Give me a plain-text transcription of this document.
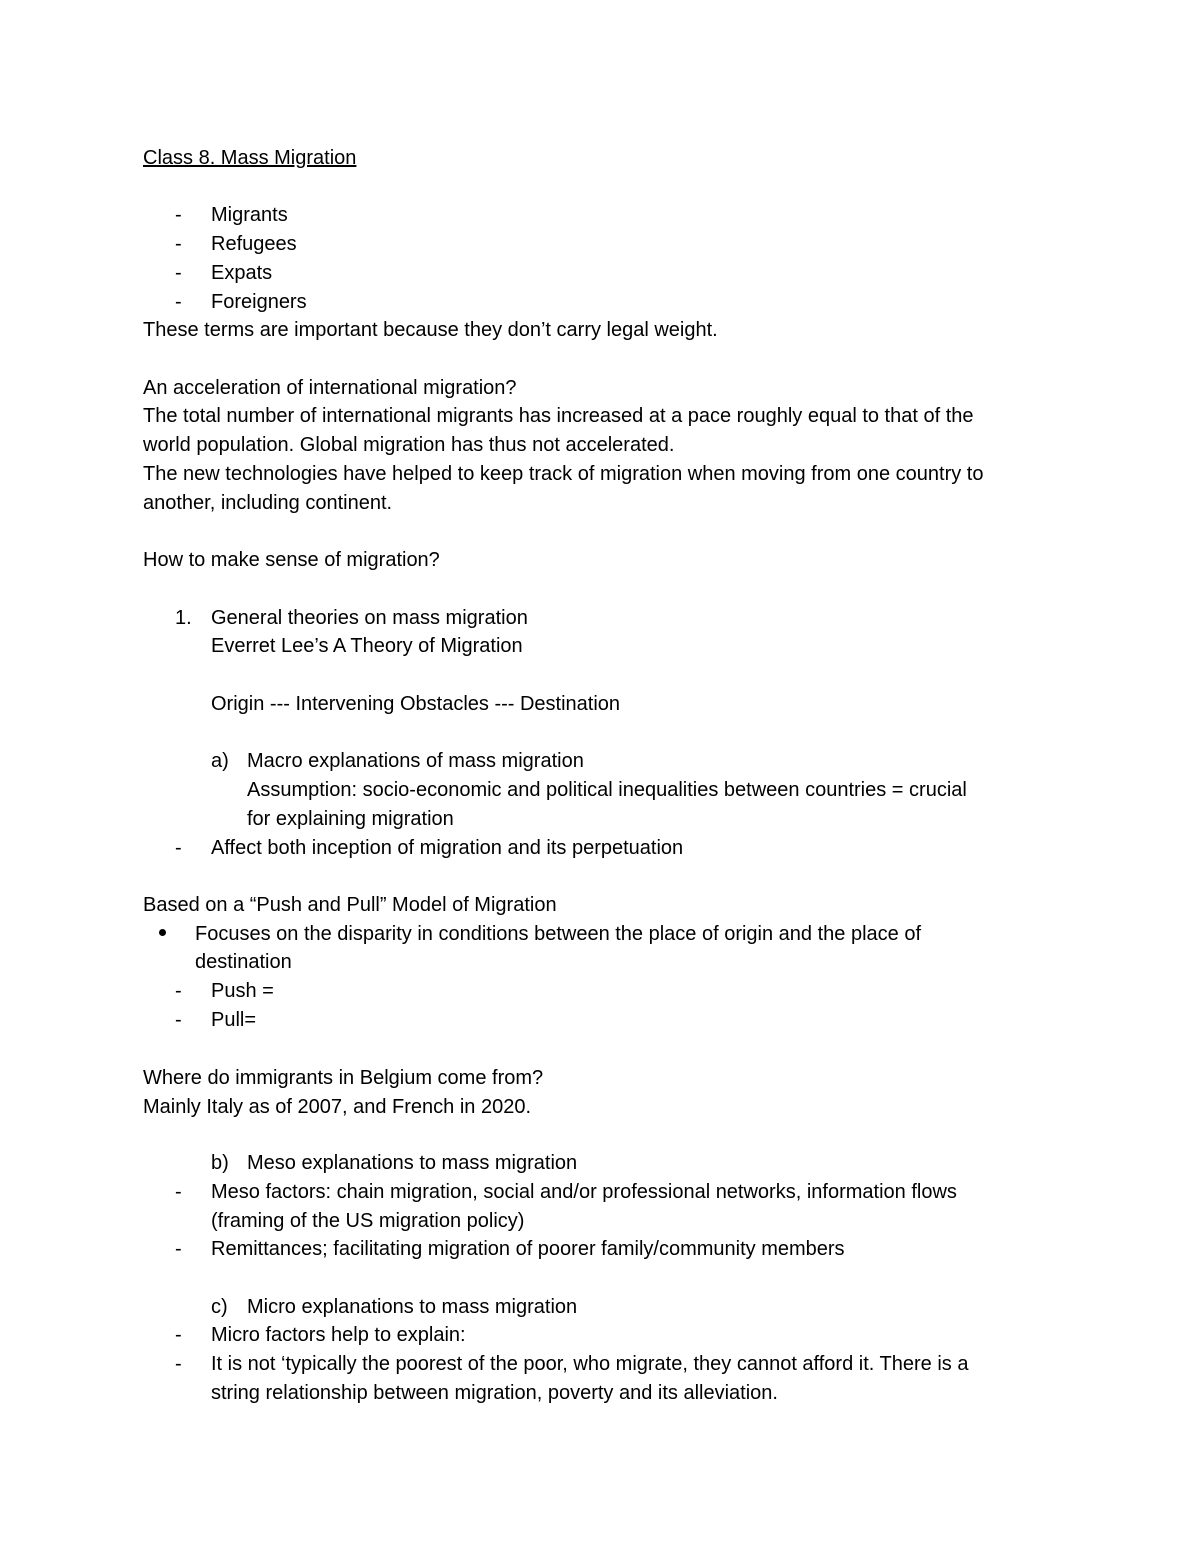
Class 8. Mass Migration
- Migrants
- Refugees
- Expats
- Foreigners
These terms are important because they don’t carry legal weight.
An acceleration of international migration?
The total number of international migrants has increased at a pace roughly equal to that of the
world population. Global migration has thus not accelerated.
The new technologies have helped to keep track of migration when moving from one country to
another, including continent.
How to make sense of migration?
1. General theories on mass migration
Everret Lee’s A Theory of Migration
Origin --- Intervening Obstacles --- Destination
a) Macro explanations of mass migration
Assumption: socio-economic and political inequalities between countries = crucial
for explaining migration
- Affect both inception of migration and its perpetuation
Based on a “Push and Pull” Model of Migration
Focuses on the disparity in conditions between the place of origin and the place of
destination
- Push =
- Pull=
Where do immigrants in Belgium come from?
Mainly Italy as of 2007, and French in 2020.
b) Meso explanations to mass migration
- Meso factors: chain migration, social and/or professional networks, information flows
(framing of the US migration policy)
- Remittances; facilitating migration of poorer family/community members
c) Micro explanations to mass migration
- Micro factors help to explain:
- It is not ‘typically the poorest of the poor, who migrate, they cannot afford it. There is a
string relationship between migration, poverty and its alleviation.
